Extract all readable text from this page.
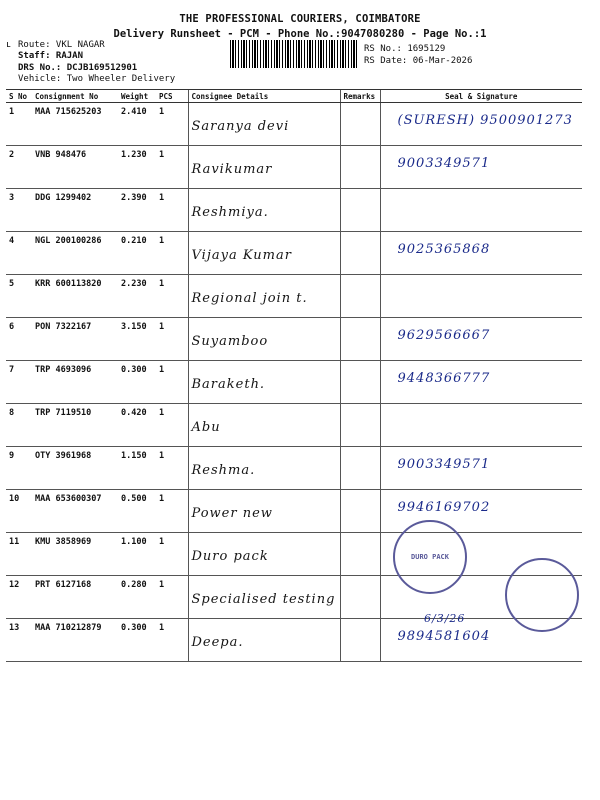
THE PROFESSIONAL COURIERS, COIMBATORE
Delivery Runsheet - PCM - Phone No.:9047080280 - Page No.:1
ʟ Route: VKL NAGAR
Staff: RAJAN
DRS No.: DCJB169512901
Vehicle: Two Wheeler Delivery
RS No.: 1695129
RS Date: 06-Mar-2026
S No	Consignment No	Weight	PCS	Consignee Details	Remarks	Seal & Signature
1	MAA 715625203	2.410	1	Saranya devi		(SURESH) 9500901273

2	VNB 948476	1.230	1	Ravikumar		9003349571

3	DDG 1299402	2.390	1	Reshmiya.		

4	NGL 200100286	0.210	1	Vijaya Kumar		9025365868

5	KRR 600113820	2.230	1	Regional join t.		

6	PON 7322167	3.150	1	Suyamboo		9629566667

7	TRP 4693096	0.300	1	Baraketh.		9448366777

8	TRP 7119510	0.420	1	Abu		

9	OTY 3961968	1.150	1	Reshma.		9003349571

10	MAA 653600307	0.500	1	Power new		9946169702

11	KMU 3858969	1.100	1	Duro pack		

12	PRT 6127168	0.280	1	Specialised testing		

13	MAA 710212879	0.300	1	Deepa.		9894581604
DURO PACK
6/3/26
